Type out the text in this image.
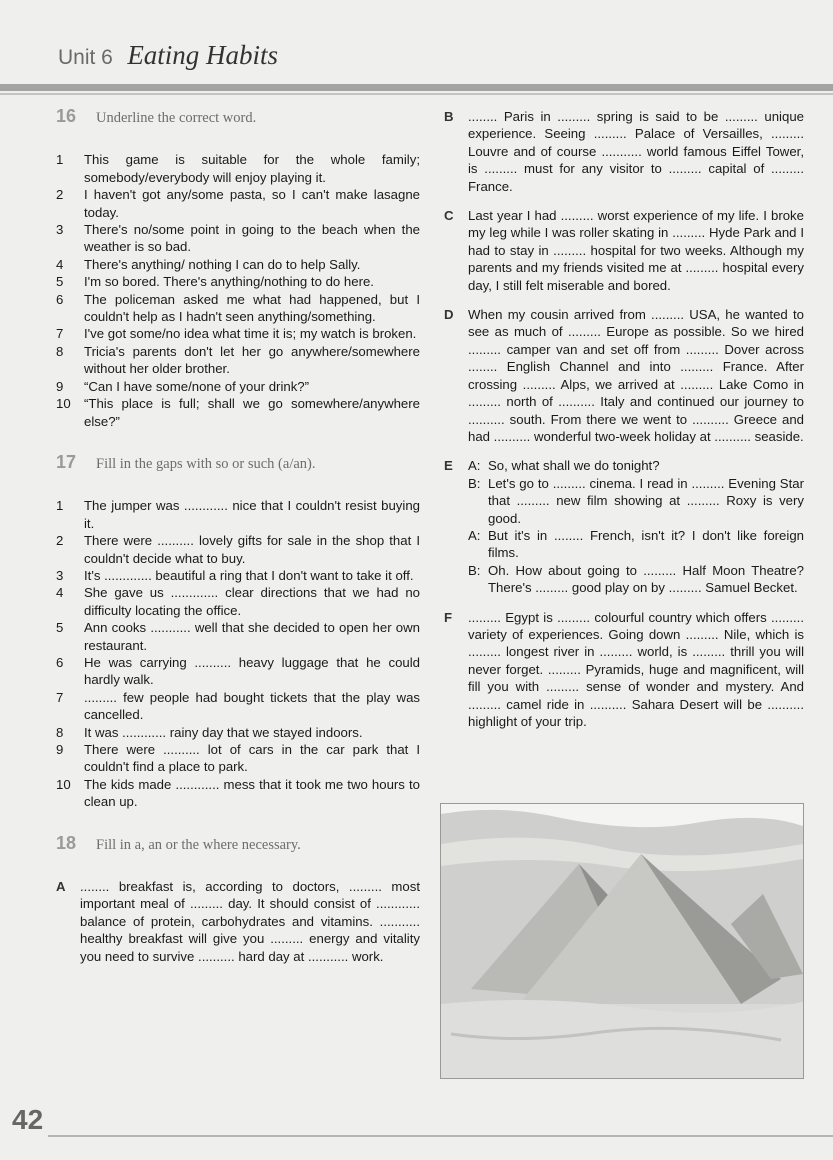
Unit 6 Eating Habits
16	Underline the correct word.
1	This game is suitable for the whole family; somebody/everybody will enjoy playing it.
2	I haven't got any/some pasta, so I can't make lasagne today.
3	There's no/some point in going to the beach when the weather is so bad.
4	There's anything/ nothing I can do to help Sally.
5	I'm so bored. There's anything/nothing to do here.
6	The policeman asked me what had happened, but I couldn't help as I hadn't seen anything/something.
7	I've got some/no idea what time it is; my watch is broken.
8	Tricia's parents don't let her go anywhere/somewhere without her older brother.
9	“Can I have some/none of your drink?”
10	“This place is full; shall we go somewhere/anywhere else?”
17	Fill in the gaps with so or such (a/an).
1	The jumper was ............ nice that I couldn't resist buying it.
2	There were .......... lovely gifts for sale in the shop that I couldn't decide what to buy.
3	It's ............. beautiful a ring that I don't want to take it off.
4	She gave us ............. clear directions that we had no difficulty locating the office.
5	Ann cooks ........... well that she decided to open her own restaurant.
6	He was carrying .......... heavy luggage that he could hardly walk.
7	......... few people had bought tickets that the play was cancelled.
8	It was ............ rainy day that we stayed indoors.
9	There were .......... lot of cars in the car park that I couldn't find a place to park.
10	The kids made ............ mess that it took me two hours to clean up.
18	Fill in a, an or the where necessary.
A	........ breakfast is, according to doctors, ......... most important meal of ......... day. It should consist of ............ balance of protein, carbohydrates and vitamins. ........... healthy breakfast will give you ......... energy and vitality you need to survive .......... hard day at ........... work.
B	........ Paris in ......... spring is said to be ......... unique experience. Seeing ......... Palace of Versailles, ......... Louvre and of course ........... world famous Eiffel Tower, is ......... must for any visitor to ......... capital of ......... France.
C	Last year I had ......... worst experience of my life. I broke my leg while I was roller skating in ......... Hyde Park and I had to stay in ......... hospital for two weeks. Although my parents and my friends visited me at ......... hospital every day, I still felt miserable and bored.
D	When my cousin arrived from ......... USA, he wanted to see as much of ......... Europe as possible. So we hired ......... camper van and set off from ......... Dover across ........ English Channel and into ......... France. After crossing ......... Alps, we arrived at ......... Lake Como in ......... north of .......... Italy and continued our journey to .......... south. From there we went to .......... Greece and had .......... wonderful two-week holiday at .......... seaside.
E	A: So, what shall we do tonight?
B: Let's go to ......... cinema. I read in ......... Evening Star that ......... new film showing at ......... Roxy is very good.
A: But it's in ........ French, isn't it? I don't like foreign films.
B: Oh. How about going to ......... Half Moon Theatre? There's ......... good play on by ......... Samuel Becket.
F	......... Egypt is ......... colourful country which offers ......... variety of experiences. Going down ......... Nile, which is ......... longest river in ......... world, is ......... thrill you will never forget. ......... Pyramids, huge and magnificent, will fill you with ......... sense of wonder and mystery. And ......... camel ride in .......... Sahara Desert will be .......... highlight of your trip.
42
